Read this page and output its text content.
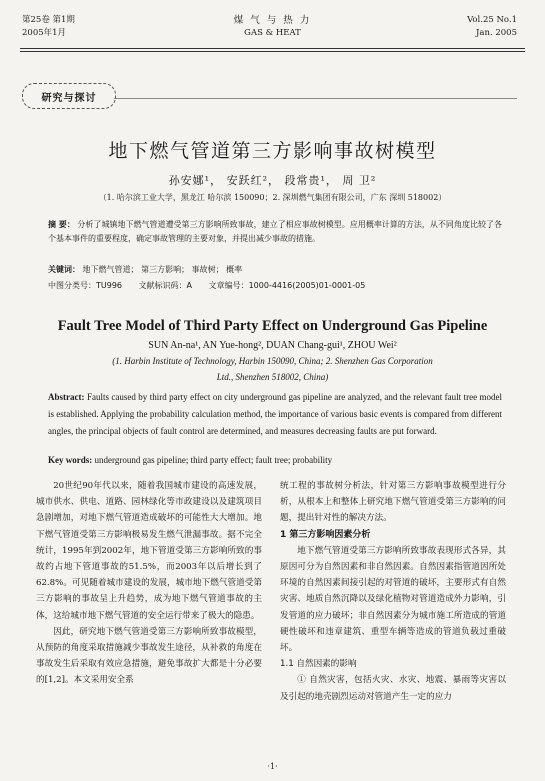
第25卷 第1期
2005年1月
煤 气 与 热 力
GAS & HEAT
Vol.25 No.1
Jan. 2005
研究与探讨
地下燃气管道第三方影响事故树模型
孙安娜¹， 安跃红²， 段常贵¹， 周 卫²
（1. 哈尔滨工业大学，黑龙江 哈尔滨 150090；2. 深圳燃气集团有限公司，广东 深圳 518002）
摘 要： 分析了城镇地下燃气管道遭受第三方影响所致事故，建立了相应事故树模型。应用概率计算的方法，从不同角度比较了各个基本事件的重要程度，确定事故管理的主要对象，并提出减少事故的措施。
关键词： 地下燃气管道； 第三方影响； 事故树； 概率
中图分类号：TU996 文献标识码：A 文章编号：1000-4416(2005)01-0001-05
Fault Tree Model of Third Party Effect on Underground Gas Pipeline
SUN An-na¹, AN Yue-hong², DUAN Chang-gui¹, ZHOU Wei²
(1. Harbin Institute of Technology, Harbin 150090, China; 2. Shenzhen Gas Corporation
Ltd., Shenzhen 518002, China)
Abstract: Faults caused by third party effect on city underground gas pipeline are analyzed, and the relevant fault tree model is established. Applying the probability calculation method, the importance of various basic events is compared from different angles, the principal objects of fault control are determined, and measures decreasing faults are put forward.
Key words: underground gas pipeline; third party effect; fault tree; probability

20世纪90年代以来，随着我国城市建设的高速发展，城市供水、供电、道路、园林绿化等市政建设以及建筑项目急剧增加，对地下燃气管道造成破坏的可能性大大增加。地下燃气管道受第三方影响极易发生燃气泄漏事故。据不完全统计，1995年到2002年，地下管道受第三方影响所致的事故约占地下管道事故的51.5%，而2003年以后增长到了62.8%。可见随着城市建设的发展，城市地下燃气管道受第三方影响的事故呈上升趋势，成为地下燃气管道事故的主体，这给城市地下燃气管道的安全运行带来了极大的隐患。

因此，研究地下燃气管道受第三方影响所致事故模型，从预防的角度采取措施减少事故发生途径，从补救的角度在事故发生后采取有效应急措施，避免事故扩大都是十分必要的[1,2]。本文采用安全系

统工程的事故树分析法，针对第三方影响事故模型进行分析，从根本上和整体上研究地下燃气管道受第三方影响的问题，提出针对性的解决方法。

1 第三方影响因素分析

地下燃气管道受第三方影响所致事故表现形式各异，其原因可分为自然因素和非自然因素。自然因素指管道因所处环境的自然因素间接引起的对管道的破坏，主要形式有自然灾害、地质自然沉降以及绿化植物对管道造成外力影响，引发管道的应力破坏；非自然因素分为城市施工所造成的管道硬性破坏和违章建筑、重型车辆等造成的管道负载过重破坏。

1.1 自然因素的影响

① 自然灾害，包括火灾、水灾、地震、暴雨等灾害以及引起的地壳剧烈运动对管道产生一定的应力

·1·
